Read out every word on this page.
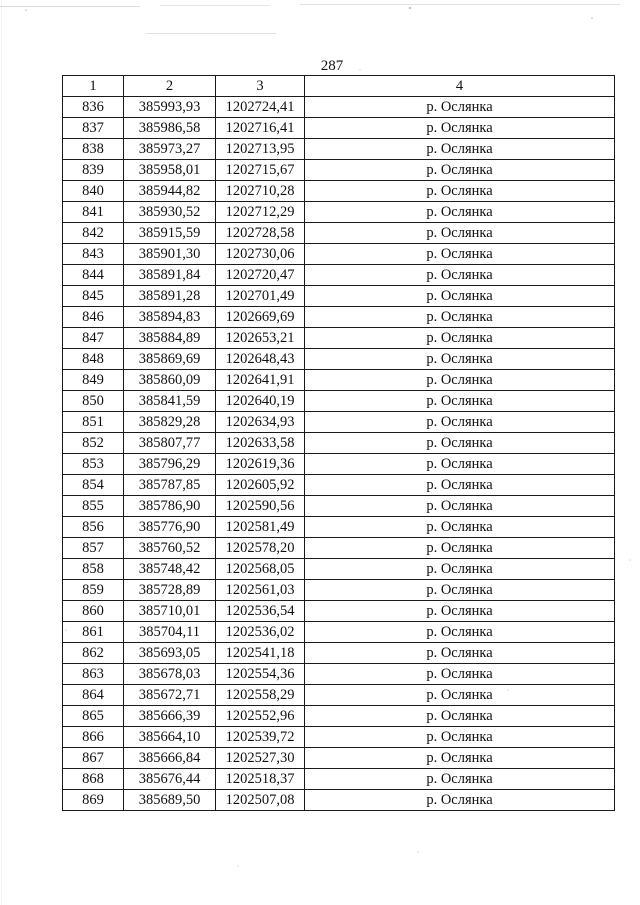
287
1	2	3	4
836	385993,93	1202724,41	р. Ослянка
837	385986,58	1202716,41	р. Ослянка
838	385973,27	1202713,95	р. Ослянка
839	385958,01	1202715,67	р. Ослянка
840	385944,82	1202710,28	р. Ослянка
841	385930,52	1202712,29	р. Ослянка
842	385915,59	1202728,58	р. Ослянка
843	385901,30	1202730,06	р. Ослянка
844	385891,84	1202720,47	р. Ослянка
845	385891,28	1202701,49	р. Ослянка
846	385894,83	1202669,69	р. Ослянка
847	385884,89	1202653,21	р. Ослянка
848	385869,69	1202648,43	р. Ослянка
849	385860,09	1202641,91	р. Ослянка
850	385841,59	1202640,19	р. Ослянка
851	385829,28	1202634,93	р. Ослянка
852	385807,77	1202633,58	р. Ослянка
853	385796,29	1202619,36	р. Ослянка
854	385787,85	1202605,92	р. Ослянка
855	385786,90	1202590,56	р. Ослянка
856	385776,90	1202581,49	р. Ослянка
857	385760,52	1202578,20	р. Ослянка
858	385748,42	1202568,05	р. Ослянка
859	385728,89	1202561,03	р. Ослянка
860	385710,01	1202536,54	р. Ослянка
861	385704,11	1202536,02	р. Ослянка
862	385693,05	1202541,18	р. Ослянка
863	385678,03	1202554,36	р. Ослянка
864	385672,71	1202558,29	р. Ослянка
865	385666,39	1202552,96	р. Ослянка
866	385664,10	1202539,72	р. Ослянка
867	385666,84	1202527,30	р. Ослянка
868	385676,44	1202518,37	р. Ослянка
869	385689,50	1202507,08	р. Ослянка
